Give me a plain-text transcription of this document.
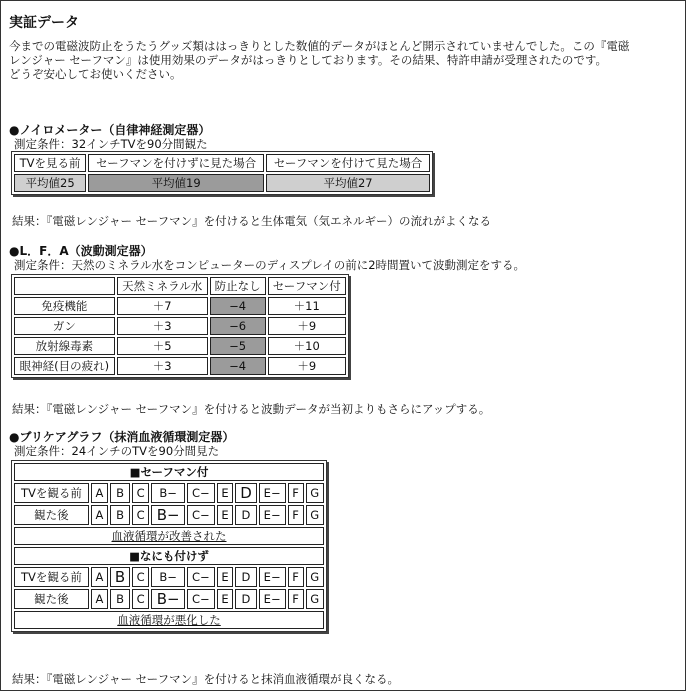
実証データ
今までの電磁波防止をうたうグッズ類ははっきりとした数値的データがほとんど開示されていませんでした。この『電磁
レンジャー セーフマン』は使用効果のデータがはっきりとしております。その結果、特許申請が受理されたのです。
どうぞ安心してお使いください。
●ノイロメーター（自律神経測定器）
測定条件：32インチTVを90分間観た
TVを見る前	セーフマンを付けずに見た場合	セーフマンを付けて見た場合
平均値25	平均値19	平均値27
結果：『電磁レンジャー セーフマン』を付けると生体電気（気エネルギー）の流れがよくなる
●L．F．A（波動測定器）
測定条件：天然のミネラル水をコンピューターのディスプレイの前に2時間置いて波動測定をする。
	天然ミネラル水	防止なし	セーフマン付
免疫機能	＋7	−4	＋11
ガン	＋3	−6	＋9
放射線毒素	＋5	−5	＋10
眼神経(目の疲れ)	＋3	−4	＋9
結果：『電磁レンジャー セーフマン』を付けると波動データが当初よりもさらにアップする。
●ブリケアグラフ（抹消血液循環測定器）
測定条件：24インチのTVを90分間見た
■セーフマン付										
TVを観る前	A	B	C	B−	C−	E	D	E−	F	G
観た後	A	B	C	B−	C−	E	D	E−	F	G
血液循環が改善された										
■なにも付けず										
TVを観る前	A	B	C	B−	C−	E	D	E−	F	G
観た後	A	B	C	B−	C−	E	D	E−	F	G
血液循環が悪化した										
結果：『電磁レンジャー セーフマン』を付けると抹消血液循環が良くなる。
